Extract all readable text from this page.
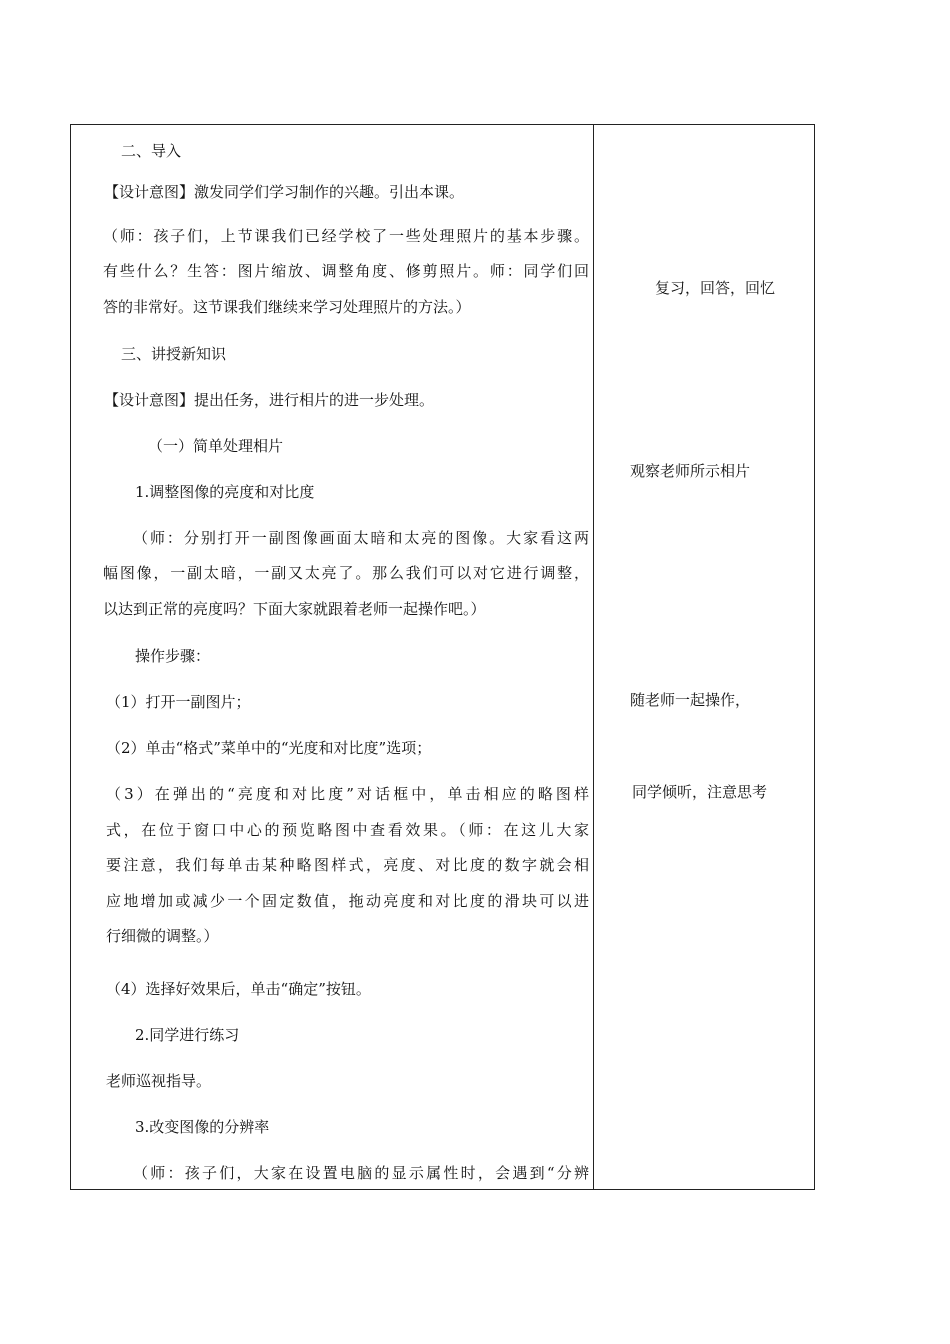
二、导入
【设计意图】激发同学们学习制作的兴趣。引出本课。
（师：孩子们，上节课我们已经学校了一些处理照片的基本步骤。
有些什么？生答：图片缩放、调整角度、修剪照片。师：同学们回
答的非常好。这节课我们继续来学习处理照片的方法。）
三、讲授新知识
【设计意图】提出任务，进行相片的进一步处理。
（一）简单处理相片
1.调整图像的亮度和对比度
（师：分别打开一副图像画面太暗和太亮的图像。大家看这两
幅图像，一副太暗，一副又太亮了。那么我们可以对它进行调整，
以达到正常的亮度吗？下面大家就跟着老师一起操作吧。）
操作步骤：
（1）打开一副图片；
（2）单击“格式”菜单中的“光度和对比度”选项；
（3）在弹出的“亮度和对比度”对话框中，单击相应的略图样
式，在位于窗口中心的预览略图中查看效果。（师：在这儿大家
要注意，我们每单击某种略图样式，亮度、对比度的数字就会相
应地增加或减少一个固定数值，拖动亮度和对比度的滑块可以进
行细微的调整。）
（4）选择好效果后，单击“确定”按钮。
2.同学进行练习
老师巡视指导。
3.改变图像的分辨率
（师：孩子们，大家在设置电脑的显示属性时，会遇到“分辨
复习，回答，回忆
观察老师所示相片
随老师一起操作，
同学倾听，注意思考
